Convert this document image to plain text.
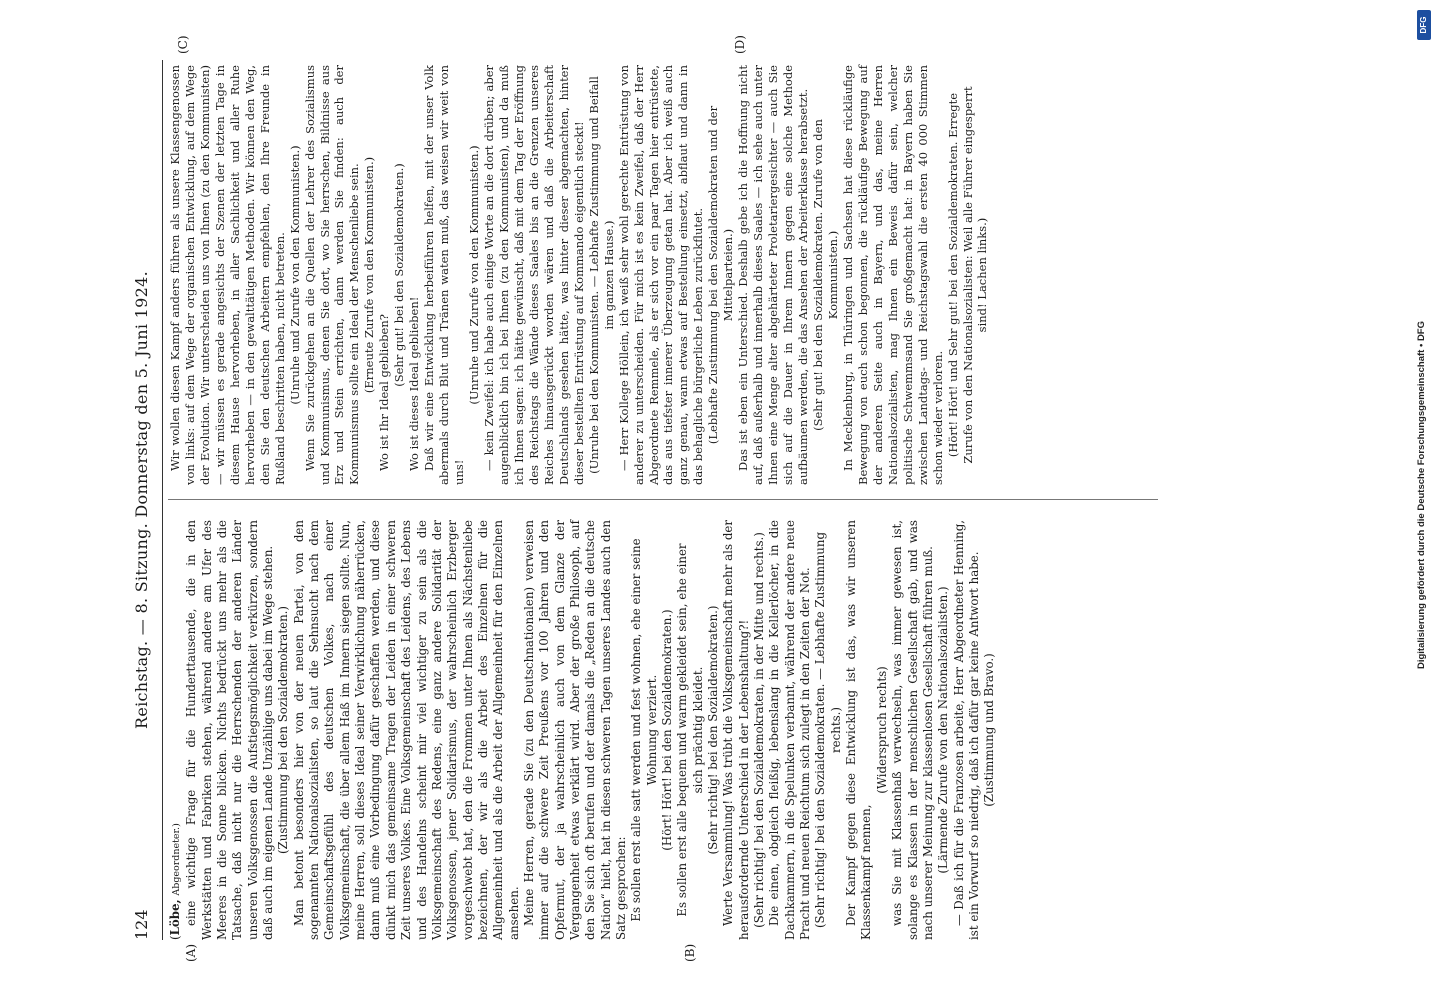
124
Reichstag. — 8. Sitzung. Donnerstag den 5. Juni 1924.
(A)	(B)
(C)	(D)

(Löbe, Abgeordneter.) eine wichtige Frage für die Hunderttausende, die in den Werkstätten und Fabriken stehen, während andere am Ufer des Meeres in die Sonne blicken. Nichts bedrückt uns mehr als die Tatsache, daß nicht nur die Herrschenden der anderen Länder unseren Volksgenossen die Aufstiegsmöglichkeit verkürzen, sondern daß auch im eigenen Lande Unzählige uns dabei im Wege stehen. (Zustimmung bei den Sozialdemokraten.) Man betont besonders hier von der neuen Partei, von den sogenannten Nationalsozialisten, so laut die Sehnsucht nach dem Gemeinschaftsgefühl des deutschen Volkes, nach einer Volksgemeinschaft, die über allem Haß im Innern siegen sollte. Nun, meine Herren, soll dieses Ideal seiner Verwirklichung näherrücken, dann muß eine Vorbedingung dafür geschaffen werden, und diese dünkt mich das gemeinsame Tragen der Leiden in einer schweren Zeit unseres Volkes. Eine Volksgemeinschaft des Leidens, des Lebens und des Handelns scheint mir viel wichtiger zu sein als die Volksgemeinschaft des Redens, eine ganz andere Solidarität der Volksgenossen, jener Solidarismus, der wahrscheinlich Erzberger vorgeschwebt hat, den die Frommen unter Ihnen als Nächstenliebe bezeichnen, der wir als die Arbeit des Einzelnen für die Allgemeinheit und als die Arbeit der Allgemeinheit für den Einzelnen ansehen. Meine Herren, gerade Sie (zu den Deutschnationalen) verweisen immer auf die schwere Zeit Preußens vor 100 Jahren und den Opfermut, der ja wahrscheinlich auch von dem Glanze der Vergangenheit etwas verklärt wird. Aber der große Philosoph, auf den Sie sich oft berufen und der damals die „Reden an die deutsche Nation“ hielt, hat in diesen schweren Tagen unseres Landes auch den Satz gesprochen: Es sollen erst alle satt werden und fest wohnen, ehe einer seine Wohnung verziert. (Hört! Hört! bei den Sozialdemokraten.) Es sollen erst alle bequem und warm gekleidet sein, ehe einer sich prächtig kleidet. (Sehr richtig! bei den Sozialdemokraten.) Werte Versammlung! Was trübt die Volksgemeinschaft mehr als der herausfordernde Unterschied in der Lebenshaltung?! (Sehr richtig! bei den Sozialdemokraten, in der Mitte und rechts.) Die einen, obgleich fleißig, lebenslang in die Kellerlöcher, in die Dachkammern, in die Spelunken verbannt, während der andere neue Pracht und neuen Reichtum sich zulegt in den Zeiten der Not. (Sehr richtig! bei den Sozialdemokraten. — Lebhafte Zustimmung rechts.) Der Kampf gegen diese Entwicklung ist das, was wir unseren Klassenkampf nennen,

(Widerspruch rechts) was Sie mit Klassenhaß verwechseln, was immer gewesen ist, solange es Klassen in der menschlichen Gesellschaft gab, und was nach unserer Meinung zur klassenlosen Gesellschaft führen muß. (Lärmende Zurufe von den Nationalsozialisten.) — Daß ich für die Franzosen arbeite, Herr Abgeordneter Henning, ist ein Vorwurf so niedrig, daß ich dafür gar keine Antwort habe. (Zustimmung und Bravo.)

Wir wollen diesen Kampf anders führen als unsere Klassengenossen von links: auf dem Wege der organischen Entwicklung, auf dem Wege der Evolution. Wir unterscheiden uns von Ihnen (zu den Kommunisten) — wir müssen es gerade angesichts der Szenen der letzten Tage in diesem Hause hervorheben, in aller Sachlichkeit und aller Ruhe hervorheben — in den gewalttätigen Methoden. Wir können den Weg, den Sie den deutschen Arbeitern empfehlen, den Ihre Freunde in Rußland beschritten haben, nicht betreten. (Unruhe und Zurufe von den Kommunisten.) Wenn Sie zurückgehen an die Quellen der Lehrer des Sozialismus und Kommunismus, denen Sie dort, wo Sie herrschen, Bildnisse aus Erz und Stein errichten, dann werden Sie finden: auch der Kommunismus sollte ein Ideal der Menschenliebe sein. (Erneute Zurufe von den Kommunisten.) Wo ist Ihr Ideal geblieben?

(Sehr gut! bei den Sozialdemokraten.) Wo ist dieses Ideal geblieben! Daß wir eine Entwicklung herbeiführen helfen, mit der unser Volk abermals durch Blut und Tränen waten muß, das weisen wir weit von uns!

(Unruhe und Zurufe von den Kommunisten.) — kein Zweifel: ich habe auch einige Worte an die dort drüben; aber augenblicklich bin ich bei Ihnen (zu den Kommunisten), und da muß ich Ihnen sagen: ich hätte gewünscht, daß mit dem Tag der Eröffnung des Reichstags die Wände dieses Saales bis an die Grenzen unseres Reiches hinausgerückt worden wären und daß die Arbeiterschaft Deutschlands gesehen hätte, was hinter dieser abgemachten, hinter dieser bestellten Entrüstung auf Kommando eigentlich steckt! (Unruhe bei den Kommunisten. — Lebhafte Zustimmung und Beifall im ganzen Hause.) — Herr Kollege Höllein, ich weiß sehr wohl gerechte Entrüstung von anderer zu unterscheiden. Für mich ist es kein Zweifel, daß der Herr Abgeordnete Remmele, als er sich vor ein paar Tagen hier entrüstete, das aus tiefster innerer Überzeugung getan hat. Aber ich weiß auch ganz genau, wann etwas auf Bestellung einsetzt, abflaut und dann in das behagliche bürgerliche Leben zurückflutet. (Lebhafte Zustimmung bei den Sozialdemokraten und der Mittelparteien.) Das ist eben ein Unterschied. Deshalb gebe ich die Hoffnung nicht auf, daß außerhalb und innerhalb dieses Saales — ich sehe auch unter Ihnen eine Menge alter abgehärteter Proletariergesichter — auch Sie sich auf die Dauer in Ihrem Innern gegen eine solche Methode aufbäumen werden, die das Ansehen der Arbeiterklasse herabsetzt. (Sehr gut! bei den Sozialdemokraten. Zurufe von den Kommunisten.) In Mecklenburg, in Thüringen und Sachsen hat diese rückläufige Bewegung von euch schon begonnen, die rückläufige Bewegung auf der anderen Seite auch in Bayern, und das, meine Herren Nationalsozialisten, mag Ihnen ein Beweis dafür sein, welcher politische Schwemmsand Sie großgemacht hat: in Bayern haben Sie zwischen Landtags- und Reichstagswahl die ersten 40 000 Stimmen schon wieder verloren. (Hört! Hört! und Sehr gut! bei den Sozialdemokraten. Erregte Zurufe von den Nationalsozialisten: Weil alle Führer eingesperrt sind! Lachen links.)

DFG
Digitalisierung gefördert durch die Deutsche Forschungsgemeinschaft • DFG
